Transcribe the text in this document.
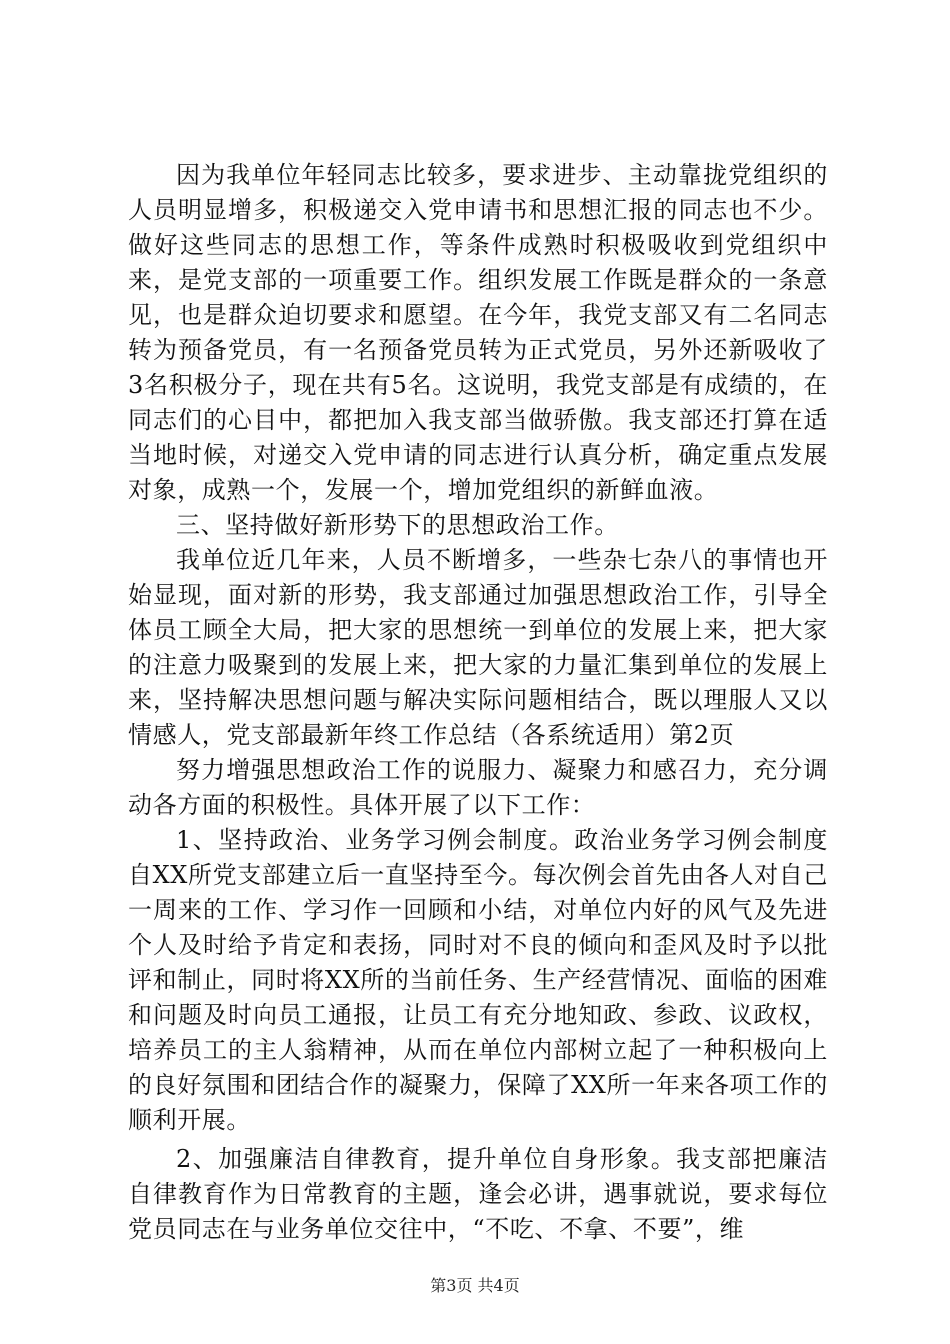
因为我单位年轻同志比较多，要求进步、主动靠拢党组织的人员明显增多，积极递交入党申请书和思想汇报的同志也不少。做好这些同志的思想工作，等条件成熟时积极吸收到党组织中来，是党支部的一项重要工作。组织发展工作既是群众的一条意见，也是群众迫切要求和愿望。在今年，我党支部又有二名同志转为预备党员，有一名预备党员转为正式党员，另外还新吸收了3名积极分子，现在共有5名。这说明，我党支部是有成绩的，在同志们的心目中，都把加入我支部当做骄傲。我支部还打算在适当地时候，对递交入党申请的同志进行认真分析，确定重点发展对象，成熟一个，发展一个，增加党组织的新鲜血液。

三、坚持做好新形势下的思想政治工作。

我单位近几年来，人员不断增多，一些杂七杂八的事情也开始显现，面对新的形势，我支部通过加强思想政治工作，引导全体员工顾全大局，把大家的思想统一到单位的发展上来，把大家的注意力吸聚到的发展上来，把大家的力量汇集到单位的发展上来，坚持解决思想问题与解决实际问题相结合，既以理服人又以情感人，党支部最新年终工作总结（各系统适用）第2页

努力增强思想政治工作的说服力、凝聚力和感召力，充分调动各方面的积极性。具体开展了以下工作：

1、坚持政治、业务学习例会制度。政治业务学习例会制度自XX所党支部建立后一直坚持至今。每次例会首先由各人对自己一周来的工作、学习作一回顾和小结，对单位内好的风气及先进个人及时给予肯定和表扬，同时对不良的倾向和歪风及时予以批评和制止，同时将XX所的当前任务、生产经营情况、面临的困难和问题及时向员工通报，让员工有充分地知政、参政、议政权，培养员工的主人翁精神，从而在单位内部树立起了一种积极向上的良好氛围和团结合作的凝聚力，保障了XX所一年来各项工作的顺利开展。

2、加强廉洁自律教育，提升单位自身形象。我支部把廉洁自律教育作为日常教育的主题，逢会必讲，遇事就说，要求每位党员同志在与业务单位交往中，“不吃、不拿、不要”，维

第3页 共4页
